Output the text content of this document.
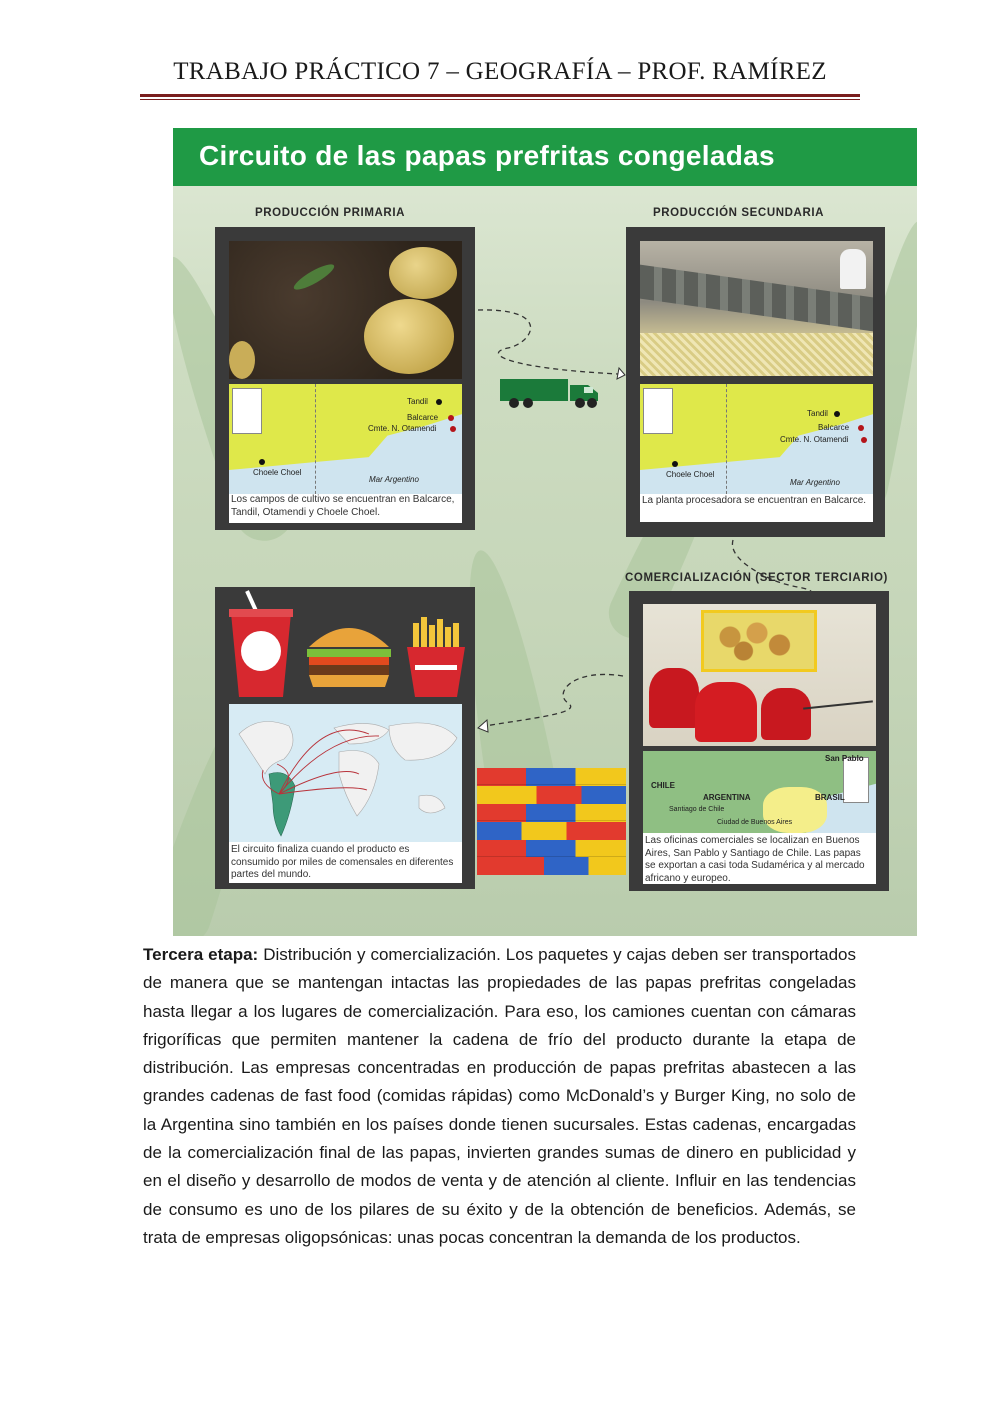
TRABAJO PRÁCTICO 7 – GEOGRAFÍA – PROF. RAMÍREZ
Circuito de las papas prefritas congeladas
PRODUCCIÓN PRIMARIA	PRODUCCIÓN SECUNDARIA
COMERCIALIZACIÓN (SECTOR TERCIARIO)
Tandil
Balcarce
Cmte. N. Otamendi
Choele Choel
Mar Argentino
Los campos de cultivo se encuentran en Balcarce, Tandil, Otamendi y Choele Choel.
Tandil
Balcarce
Cmte. N. Otamendi
Choele Choel
Mar Argentino
La planta procesadora se encuentran en Balcarce.
El circuito finaliza cuando el producto es consumido por miles de comensales en diferentes partes del mundo.
San Pablo
CHILE
ARGENTINA	BRASIL
Santiago de Chile
Ciudad de Buenos Aires
Las oficinas comerciales se localizan en Buenos Aires, San Pablo y Santiago de Chile. Las papas se exportan a casi toda Sudamérica y al mercado africano y europeo.
Tercera etapa: Distribución y comercialización. Los paquetes y cajas deben ser transportados de manera que se mantengan intactas las propiedades de las papas prefritas congeladas hasta llegar a los lugares de comercialización. Para eso, los camiones cuentan con cámaras frigoríficas que permiten mantener la cadena de frío del producto durante la etapa de distribución. Las empresas concentradas en producción de papas prefritas abastecen a las grandes cadenas de fast food (comidas rápidas) como McDonald’s y Burger King, no solo de la Argentina sino también en los países donde tienen sucursales. Estas cadenas, encargadas de la comercialización final de las papas, invierten grandes sumas de dinero en publicidad y en el diseño y desarrollo de modos de venta y de atención al cliente. Influir en las tendencias de consumo es uno de los pilares de su éxito y de la obtención de beneficios. Además, se trata de empresas oligopsónicas: unas pocas concentran la demanda de los productos.
